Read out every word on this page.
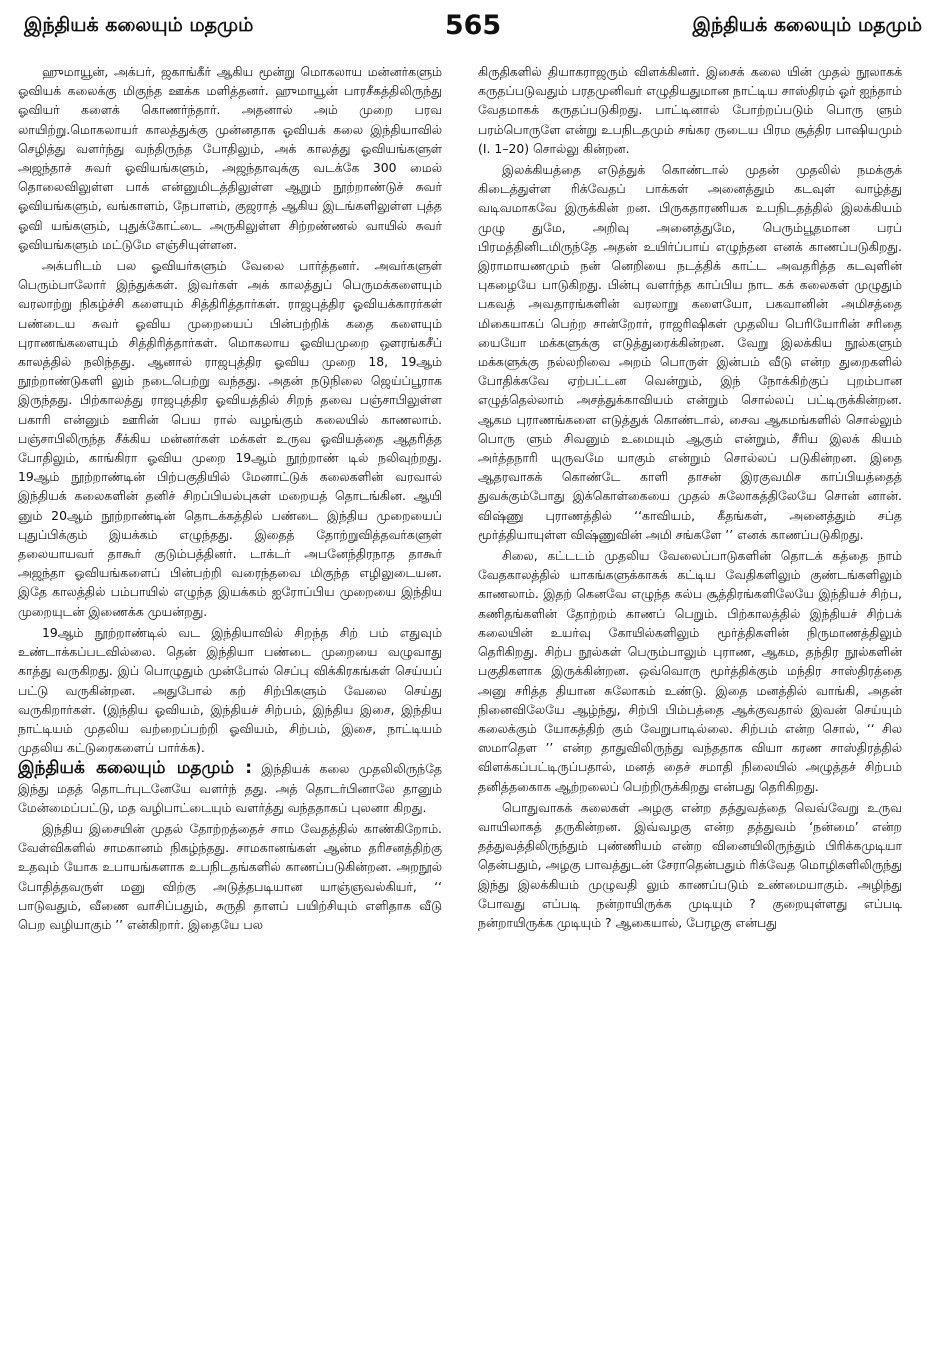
இந்தியக் கலையும் மதமும்	565	இந்தியக் கலையும் மதமும்

ஹுமாயூன், அக்பர், ஜகாங்கீர் ஆகிய மூன்று மொகலாய மன்னர்களும் ஓவியக் கலைக்கு மிகுந்த ஊக்க மளித்தனர். ஹுமாயூன் பாரசீகத்திலிருந்து ஓவியர் களைக் கொணர்ந்தார். அதனால் அம் முறை பரவ லாயிற்று.மொகலாயர் காலத்துக்கு முன்னதாக ஓவியக் கலை இந்தியாவில் செழித்து வளர்ந்து வந்திருந்த போதிலும், அக் காலத்து ஓவியங்களுள் அஜந்தாச் சுவர் ஓவியங்களும், அஜந்தாவுக்கு வடக்கே 300 மைல் தொலைவிலுள்ள பாக் என்னுமிடத்திலுள்ள ஆறும் நூற்றாண்டுச் சுவர் ஓவியங்களும், வங்காளம், நேபாளம், குஜராத் ஆகிய இடங்களிலுள்ள புத்த ஓவி யங்களும், புதுக்கோட்டை அருகிலுள்ள சிற்றண்ணல் வாயில் சுவர் ஓவியங்களும் மட்டுமே எஞ்சியுள்ளன.

அக்பரிடம் பல ஓவியர்களும் வேலை பார்த்தனர். அவர்களுள் பெரும்பாலோர் இந்துக்கள். இவர்கள் அக் காலத்துப் பெருமக்களையும் வரலாற்று நிகழ்ச்சி களையும் சித்திரித்தார்கள். ராஜபுத்திர ஓவியக்காரர்கள் பண்டைய சுவர் ஓவிய முறையைப் பின்பற்றிக் கதை களையும் புராணங்களையும் சித்திரித்தார்கள். மொகலாய ஓவியமுறை ஔரங்கசீப் காலத்தில் நலிந்தது. ஆனால் ராஜபுத்திர ஓவிய முறை 18, 19ஆம் நூற்றாண்டுகளி லும் நடைபெற்று வந்தது. அதன் நடுநிலை ஜெய்ப்பூராக இருந்தது. பிற்காலத்து ராஜபுத்திர ஓவியத்தில் சிறந் தவை பஞ்சாபிலுள்ள பகாரி என்னும் ஊரின் பெய ரால் வழங்கும் கலையில் காணலாம். பஞ்சாபிலிருந்த சீக்கிய மன்னர்கள் மக்கள் உருவ ஓவியத்தை ஆதரித்த போதிலும், காங்கிரா ஓவிய முறை 19ஆம் நூற்றாண் டில் நலிவுற்றது. 19ஆம் நூற்றாண்டின் பிற்பகுதியில் மேனாட்டுக் கலைகளின் வரவால் இந்தியக் கலைகளின் தனிச் சிறப்பியல்புகள் மறையத் தொடங்கின. ஆயி னும் 20ஆம் நூற்றாண்டின் தொடக்கத்தில் பண்டை இந்திய முறையைப் புதுப்பிக்கும் இயக்கம் எழுந்தது. இதைத் தோற்றுவித்தவர்களுள் தலையாயவர் தாகூர் குடும்பத்தினர். டாக்டர் அபனேந்திரநாத தாகூர் அஜந்தா ஓவியங்களைப் பின்பற்றி வரைந்தவை மிகுந்த எழிலுடையன. இதே காலத்தில் பம்பாயில் எழுந்த இயக்கம் ஐரோப்பிய முறையை இந்திய முறையுடன் இணைக்க முயன்றது.

19ஆம் நூற்றாண்டில் வட இந்தியாவில் சிறந்த சிற் பம் எதுவும் உண்டாக்கப்படவில்லை. தென் இந்தியா பண்டை முறையை வழுவாது காத்து வருகிறது. இப் பொழுதும் முன்போல் செப்பு விக்கிரகங்கள் செய்யப் பட்டு வருகின்றன. அதுபோல் கற் சிற்பிகளும் வேலை செய்து வருகிறார்கள். (இந்திய ஓவியம், இந்தியச் சிற்பம், இந்திய இசை, இந்திய நாட்டியம் முதலிய வற்றைப்பற்றி ஓவியம், சிற்பம், இசை, நாட்டியம் முதலிய கட்டுரைகளைப் பார்க்க).

இந்தியக் கலையும் மதமும் : இந்தியக் கலை முதலிலிருந்தே இந்து மதத் தொடர்புடனேயே வளர்ந் தது. அத் தொடர்பினாலே தானும் மேன்மைப்பட்டு, மத வழிபாட்டையும் வளர்த்து வந்ததாகப் புலனா கிறது.

இந்திய இசையின் முதல் தோற்றத்தைச் சாம வேதத்தில் காண்கிறோம். வேள்விகளில் சாமகானம் நிகழ்ந்தது. சாமகானங்கள் ஆன்ம தரிசனத்திற்கு உதவும் யோக உபாயங்களாக உபநிடதங்களில் காணப்படுகின்றன. அறநூல் போதித்தவருள் மனு விற்கு அடுத்தபடியான யாஞ்ஞவல்கியர், ‘‘ பாடுவதும், வீணை வாசிப்பதும், சுருதி தாளப் பயிற்சியும் எளிதாக வீடு பெற வழியாகும் ’’ என்கிறார். இதையே பல

கிருதிகளில் தியாகராஜரும் விளக்கினர். இசைக் கலை யின் முதல் நூலாகக் கருதப்படுவதும் பரதமுனிவர் எழுதியதுமான நாட்டிய சாஸ்திரம் ஓர் ஐந்தாம் வேதமாகக் கருதப்படுகிறது. பாட்டினால் போற்றப்படும் பொரு ளும் பரம்பொருளே என்று உபநிடதமும் சங்கர ருடைய பிரம சூத்திர பாஷியமும் (I. 1–20) சொல்லு கின்றன.

இலக்கியத்தை எடுத்துக் கொண்டால் முதன் முதலில் நமக்குக் கிடைத்துள்ள ரிக்வேதப் பாக்கள் அனைத்தும் கடவுள் வாழ்த்து வடிவமாகவே இருக்கின் றன. பிருகதாரணியக உபநிடதத்தில் இலக்கியம் முழு துமே, அறிவு அனைத்துமே, பெரும்பூதமான பரப் பிரமத்தினிடமிருந்தே அதன் உயிர்ப்பாய் எழுந்தன எனக் காணப்படுகிறது. இராமாயணமும் நன் னெறியை நடத்திக் காட்ட அவதரித்த கடவுளின் புகழையே பாடுகிறது. பின்பு வளர்ந்த காப்பிய நாட கக் கலைகள் முழுதும் பகவத் அவதாரங்களின் வரலாறு களையோ, பகவானின் அமிசத்தை மிகையாகப் பெற்ற சான்றோர், ராஜரிஷிகள் முதலிய பெரியோரின் சரிதை யையோ மக்களுக்கு எடுத்துரைக்கின்றன. வேறு இலக்கிய நூல்களும் மக்களுக்கு நல்லறிவை அறம் பொருள் இன்பம் வீடு என்ற துறைகளில் போதிக்கவே ஏற்பட்டன வென்றும், இந் நோக்கிற்குப் புறம்பான எழுத்தெல்லாம் அசத்துக்காவியம் என்றும் சொல்லப் பட்டிருக்கின்றன. ஆகம புராணங்களை எடுத்துக் கொண்டால், சைவ ஆகமங்களில் சொல்லும் பொரு ளும் சிவனும் உமையும் ஆகும் என்றும், சீரிய இலக் கியம் அர்த்தநாரி யுருவமே யாகும் என்றும் சொல்லப் படுகின்றன. இதை ஆதரவாகக் கொண்டே காளி தாசன் இரகுவமிச காப்பியத்தைத் துவக்கும்போது இக்கொள்கையை முதல் சுலோகத்திலேயே சொன் னான். விஷ்ணு புராணத்தில் ‘‘காவியம், கீதங்கள், அனைத்தும் சப்த மூர்த்தியாயுள்ள விஷ்ணுவின் அமி சங்களே ’’ எனக் காணப்படுகிறது.

சிலை, கட்டடம் முதலிய வேலைப்பாடுகளின் தொடக் கத்தை நாம் வேதகாலத்தில் யாகங்களுக்காகக் கட்டிய வேதிகளிலும் குண்டங்களிலும் காணலாம். இதற் கெனவே எழுந்த கல்ப சூத்திரங்களிலேயே இந்தியச் சிற்ப, கணிதங்களின் தோற்றம் காணப் பெறும். பிற்காலத்தில் இந்தியச் சிற்பக் கலையின் உயர்வு கோயில்களிலும் மூர்த்திகளின் நிருமாணத்திலும் தெரிகிறது. சிற்ப நூல்கள் பெரும்பாலும் புராண, ஆகம, தந்திர நூல்களின் பகுதிகளாக இருக்கின்றன. ஒவ்வொரு மூர்த்திக்கும் மந்திர சாஸ்திரத்தை அனு சரித்த தியான சுலோகம் உண்டு. இதை மனத்தில் வாங்கி, அதன் நினைவிலேயே ஆழ்ந்து, சிற்பி பிம்பத்தை ஆக்குவதால் இவன் செய்யும் கலைக்கும் யோகத்திற் கும் வேறுபாடில்லை. சிற்பம் என்ற சொல், ‘‘ சில ஸமாதௌ ’’ என்ற தாதுவிலிருந்து வந்ததாக வியா கரண சாஸ்திரத்தில் விளக்கப்பட்டிருப்பதால், மனத் தைச் சமாதி நிலையில் அழுத்தச் சிற்பம் தனித்தகைாக ஆற்றலைப் பெற்றிருக்கிறது என்பது தெரிகிறது.

பொதுவாகக் கலைகள் அழகு என்ற தத்துவத்தை வெவ்வேறு உருவ வாயிலாகத் தருகின்றன. இவ்வழகு என்ற தத்துவம் ‘நன்மை’ என்ற தத்துவத்திலிருந்தும் புண்ணியம் என்ற வினையிலிருந்தும் பிரிக்கமுடியா தென்பதும், அழகு பாவத்துடன் சேராதென்பதும் ரிக்வேத மொழிகளிலிருந்து இந்து இலக்கியம் முழுவதி லும் காணப்படும் உண்மையாகும். அழிந்து போவது எப்படி நன்றாயிருக்க முடியும் ? குறையுள்ளது எப்படி நன்றாயிருக்க முடியும் ? ஆகையால், பேரழகு என்பது
